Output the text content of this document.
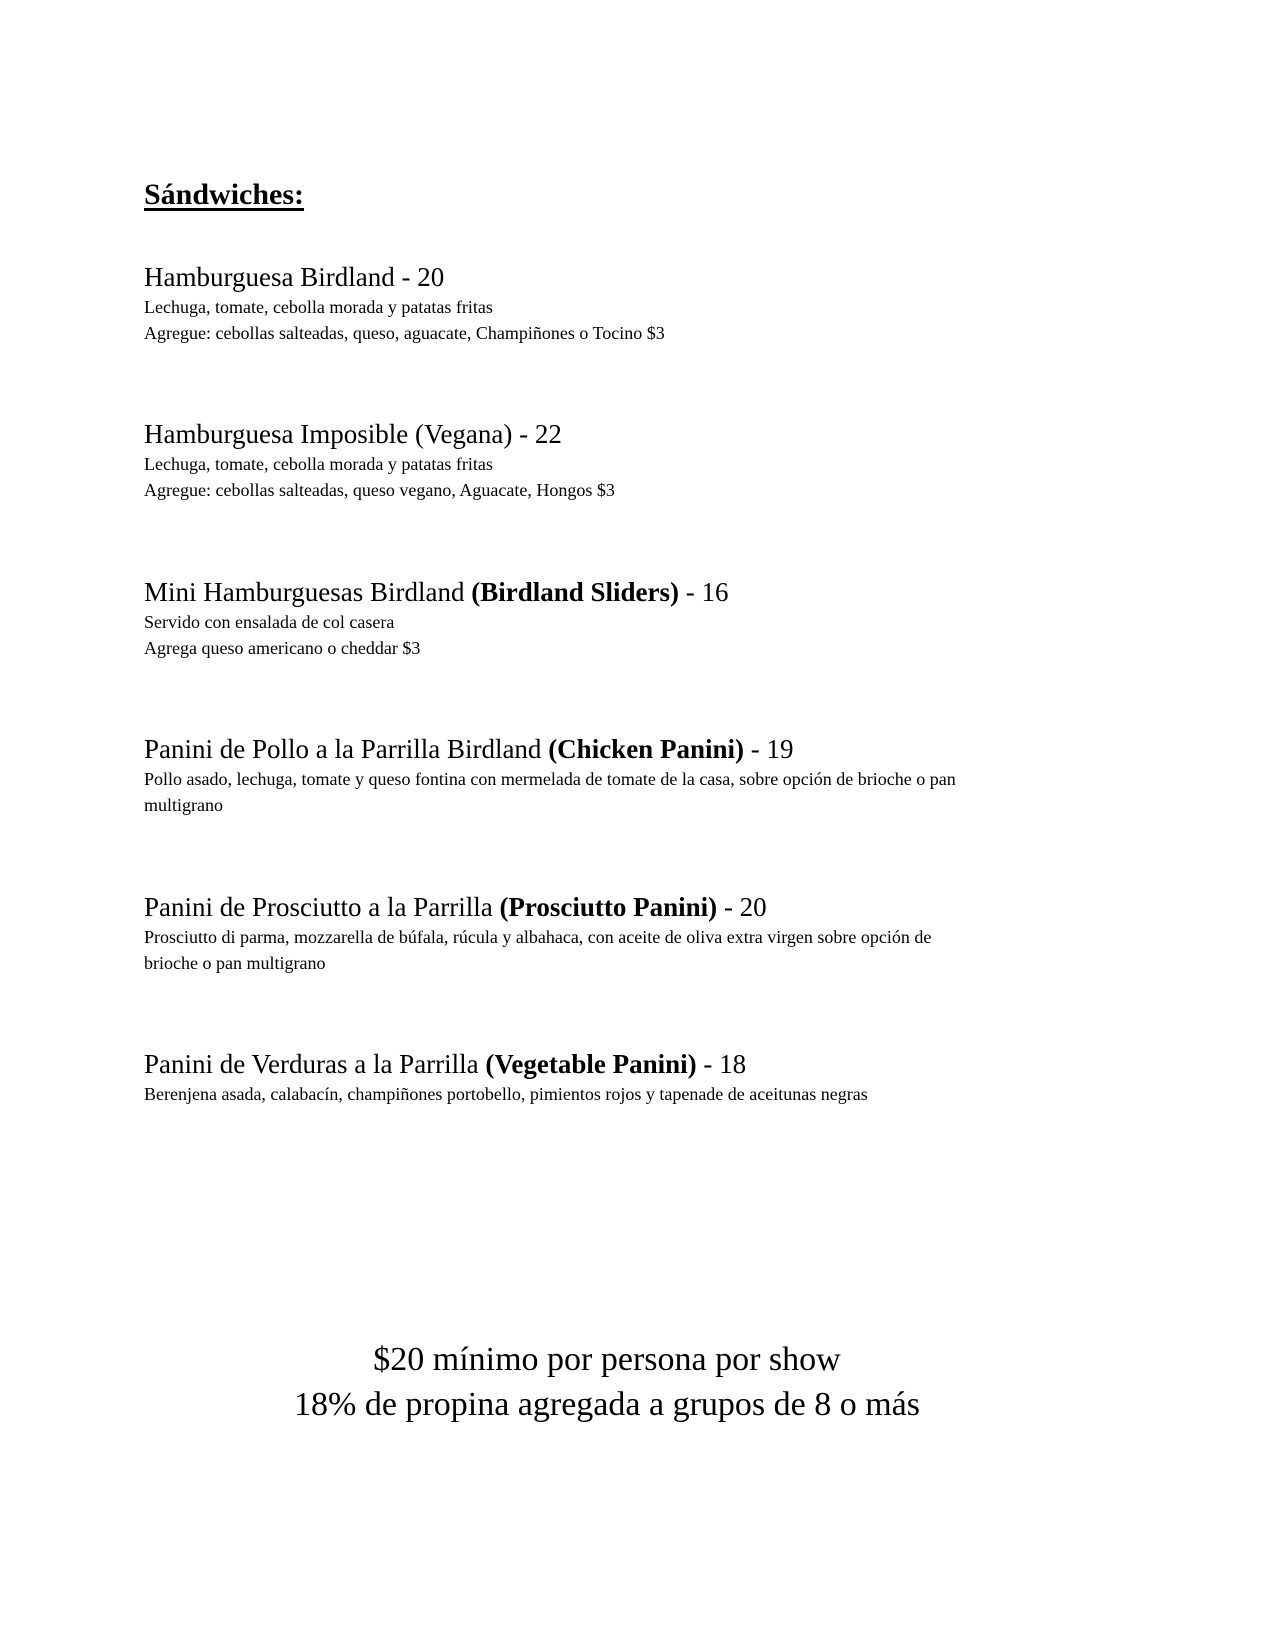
Sándwiches:
Hamburguesa Birdland - 20
Lechuga, tomate, cebolla morada y patatas fritas
Agregue: cebollas salteadas, queso, aguacate, Champiñones o Tocino $3
Hamburguesa Imposible (Vegana) - 22
Lechuga, tomate, cebolla morada y patatas fritas
Agregue: cebollas salteadas, queso vegano, Aguacate, Hongos $3
Mini Hamburguesas Birdland (Birdland Sliders) - 16
Servido con ensalada de col casera
Agrega queso americano o cheddar $3
Panini de Pollo a la Parrilla Birdland (Chicken Panini) - 19
Pollo asado, lechuga, tomate y queso fontina con mermelada de tomate de la casa, sobre opción de brioche o pan
multigrano
Panini de Prosciutto a la Parrilla (Prosciutto Panini) - 20
Prosciutto di parma, mozzarella de búfala, rúcula y albahaca, con aceite de oliva extra virgen sobre opción de
brioche o pan multigrano
Panini de Verduras a la Parrilla (Vegetable Panini) - 18
Berenjena asada, calabacín, champiñones portobello, pimientos rojos y tapenade de aceitunas negras
$20 mínimo por persona por show
18% de propina agregada a grupos de 8 o más
